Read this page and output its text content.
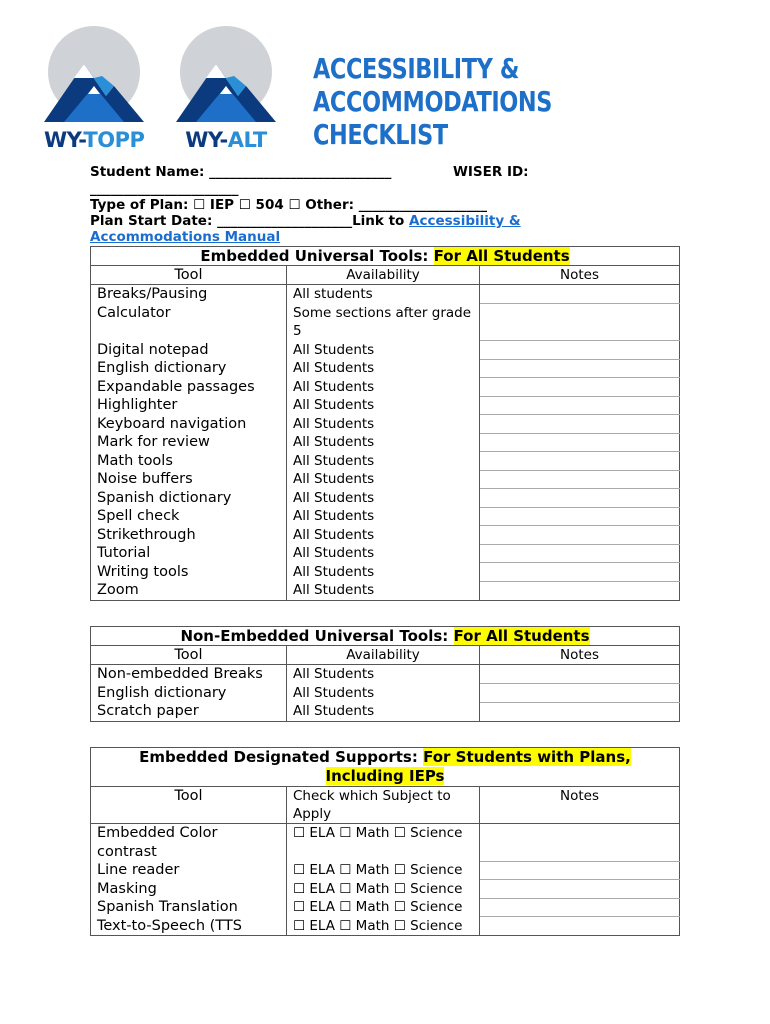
WY-TOPP	WY-ALT
ACCESSIBILITY &
ACCOMMODATIONS CHECKLIST
Student Name: ___________________________	WISER ID:
______________________
Type of Plan: ☐ IEP ☐ 504 ☐ Other: ___________________
Plan Start Date: ____________________Link to Accessibility &
Accommodations Manual
Embedded Universal Tools: For All Students		
Tool	Availability	Notes
Breaks/Pausing	All students	
Calculator	Some sections after grade 5	
Digital notepad	All Students	
English dictionary	All Students	
Expandable passages	All Students	
Highlighter	All Students	
Keyboard navigation	All Students	
Mark for review	All Students	
Math tools	All Students	
Noise buffers	All Students	
Spanish dictionary	All Students	
Spell check	All Students	
Strikethrough	All Students	
Tutorial	All Students	
Writing tools	All Students	
Zoom	All Students	
Non-Embedded Universal Tools: For All Students		
Tool	Availability	Notes
Non-embedded Breaks	All Students	
English dictionary	All Students	
Scratch paper	All Students	
Embedded Designated Supports: For Students with Plans,
Including IEPs		
Tool	Check which Subject to Apply	Notes
Embedded Color contrast	☐ ELA ☐ Math ☐ Science	
Line reader	☐ ELA ☐ Math ☐ Science	
Masking	☐ ELA ☐ Math ☐ Science	
Spanish Translation	☐ ELA ☐ Math ☐ Science	
Text-to-Speech (TTS	☐ ELA ☐ Math ☐ Science	
